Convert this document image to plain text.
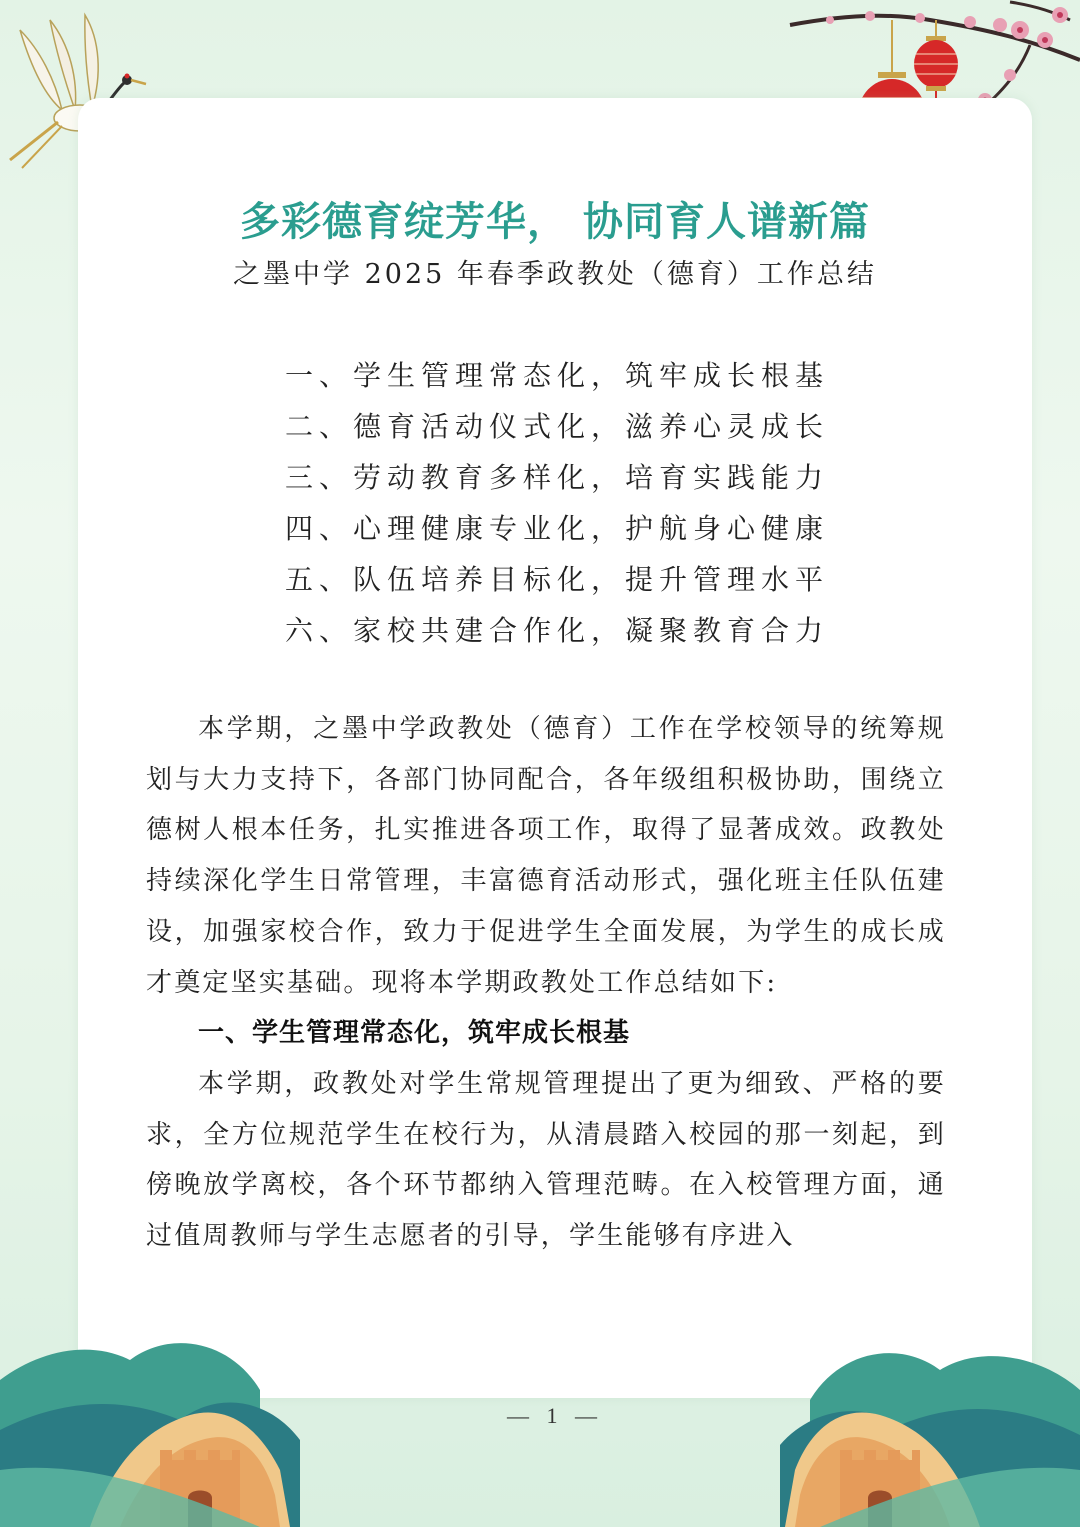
多彩德育绽芳华， 协同育人谱新篇

之墨中学 2025 年春季政教处（德育）工作总结

一、学生管理常态化，筑牢成长根基
二、德育活动仪式化，滋养心灵成长
三、劳动教育多样化，培育实践能力
四、心理健康专业化，护航身心健康
五、队伍培养目标化，提升管理水平
六、家校共建合作化，凝聚教育合力

本学期，之墨中学政教处（德育）工作在学校领导的统筹规划与大力支持下，各部门协同配合，各年级组积极协助，围绕立德树人根本任务，扎实推进各项工作，取得了显著成效。政教处持续深化学生日常管理，丰富德育活动形式，强化班主任队伍建设，加强家校合作，致力于促进学生全面发展，为学生的成长成才奠定坚实基础。现将本学期政教处工作总结如下:

一、学生管理常态化，筑牢成长根基

本学期，政教处对学生常规管理提出了更为细致、严格的要求，全方位规范学生在校行为，从清晨踏入校园的那一刻起，到傍晚放学离校，各个环节都纳入管理范畴。在入校管理方面，通过值周教师与学生志愿者的引导，学生能够有序进入

— 1 —
